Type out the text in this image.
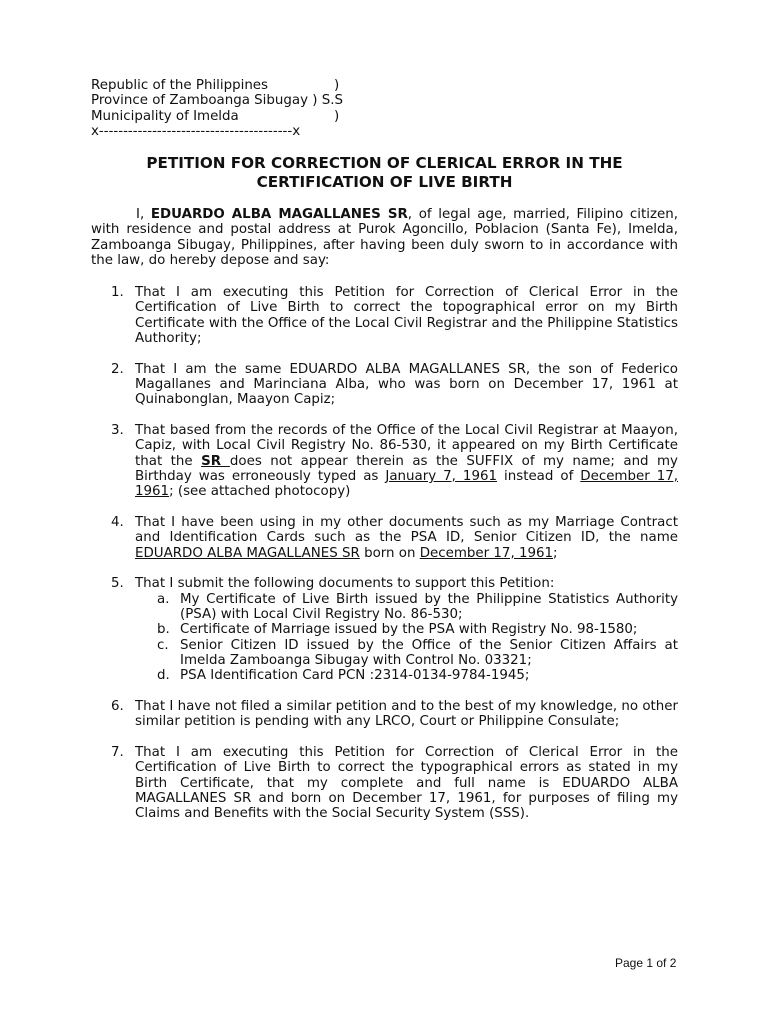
Republic of the Philippines	)
Province of Zamboanga Sibugay ) S.S
Municipality of Imelda	)
x----------------------------------------x
PETITION FOR CORRECTION OF CLERICAL ERROR IN THE CERTIFICATION OF LIVE BIRTH
I, EDUARDO ALBA MAGALLANES SR, of legal age, married, Filipino citizen, with residence and postal address at Purok Agoncillo, Poblacion (Santa Fe), Imelda, Zamboanga Sibugay, Philippines, after having been duly sworn to in accordance with the law, do hereby depose and say:
1. That I am executing this Petition for Correction of Clerical Error in the Certification of Live Birth to correct the topographical error on my Birth Certificate with the Office of the Local Civil Registrar and the Philippine Statistics Authority;
2. That I am the same EDUARDO ALBA MAGALLANES SR, the son of Federico Magallanes and Marinciana Alba, who was born on December 17, 1961 at Quinabonglan, Maayon Capiz;
3. That based from the records of the Office of the Local Civil Registrar at Maayon, Capiz, with Local Civil Registry No. 86-530, it appeared on my Birth Certificate that the SR does not appear therein as the SUFFIX of my name; and my Birthday was erroneously typed as January 7, 1961 instead of December 17, 1961; (see attached photocopy)
4. That I have been using in my other documents such as my Marriage Contract and Identification Cards such as the PSA ID, Senior Citizen ID, the name EDUARDO ALBA MAGALLANES SR born on December 17, 1961;
5. That I submit the following documents to support this Petition:
a. My Certificate of Live Birth issued by the Philippine Statistics Authority (PSA) with Local Civil Registry No. 86-530;
b. Certificate of Marriage issued by the PSA with Registry No. 98-1580;
c. Senior Citizen ID issued by the Office of the Senior Citizen Affairs at Imelda Zamboanga Sibugay with Control No. 03321;
d. PSA Identification Card PCN :2314-0134-9784-1945;
6. That I have not filed a similar petition and to the best of my knowledge, no other similar petition is pending with any LRCO, Court or Philippine Consulate;
7. That I am executing this Petition for Correction of Clerical Error in the Certification of Live Birth to correct the typographical errors as stated in my Birth Certificate, that my complete and full name is EDUARDO ALBA MAGALLANES SR and born on December 17, 1961, for purposes of filing my Claims and Benefits with the Social Security System (SSS).
Page 1 of 2
